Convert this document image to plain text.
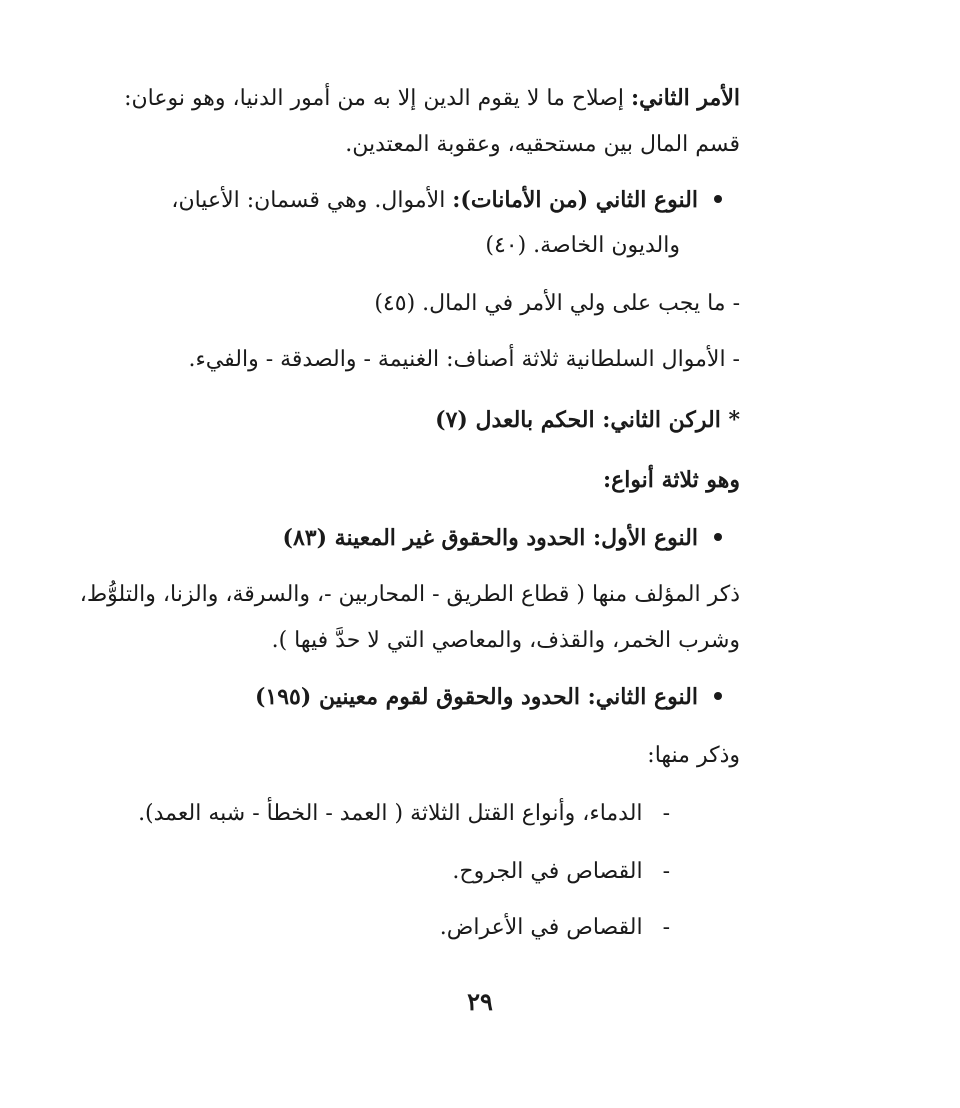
الأمر الثاني: إصلاح ما لا يقوم الدين إلا به من أمور الدنيا، وهو نوعان:
قسم المال بين مستحقيه، وعقوبة المعتدين.
النوع الثاني (من الأمانات): الأموال. وهي قسمان: الأعيان،
والديون الخاصة. (٤٠)
- ما يجب على ولي الأمر في المال. (٤٥)
- الأموال السلطانية ثلاثة أصناف: الغنيمة - والصدقة - والفيء.
* الركن الثاني: الحكم بالعدل (٧)
وهو ثلاثة أنواع:
النوع الأول: الحدود والحقوق غير المعينة (٨٣)
ذكر المؤلف منها ( قطاع الطريق - المحاربين -، والسرقة، والزنا، والتلوُّط،
وشرب الخمر، والقذف، والمعاصي التي لا حدَّ فيها ).
النوع الثاني: الحدود والحقوق لقوم معينين (١٩٥)
وذكر منها:
-الدماء، وأنواع القتل الثلاثة ( العمد - الخطأ - شبه العمد).
-القصاص في الجروح.
-القصاص في الأعراض.
٢٩
